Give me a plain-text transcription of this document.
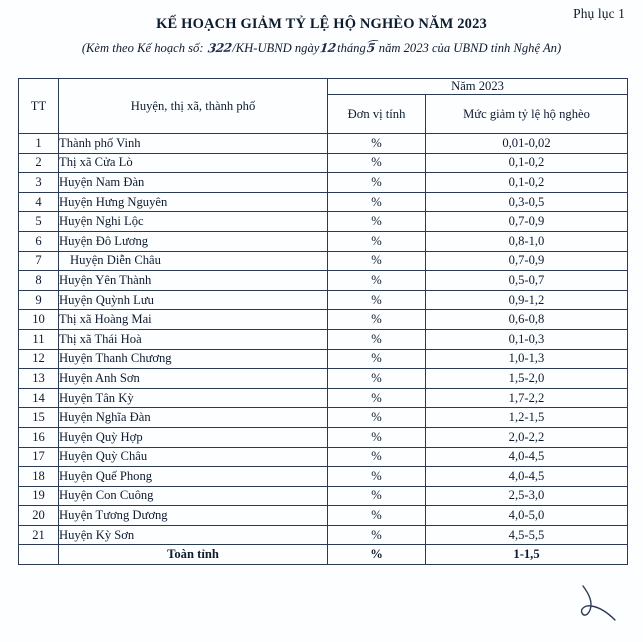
Phụ lục 1
KẾ HOẠCH GIẢM TỶ LỆ HỘ NGHÈO NĂM 2023
(Kèm theo Kế hoạch số: 322/KH-UBND ngày12tháng5 năm 2023 của UBND tỉnh Nghệ An)
TT	Huyện, thị xã, thành phố	Năm 2023	
		Đơn vị tính	Mức giảm tỷ lệ hộ nghèo
1	Thành phố Vinh	%	0,01-0,02
2	Thị xã Cửa Lò	%	0,1-0,2
3	Huyện Nam Đàn	%	0,1-0,2
4	Huyện Hưng Nguyên	%	0,3-0,5
5	Huyện Nghi Lộc	%	0,7-0,9
6	Huyện Đô Lương	%	0,8-1,0
7	Huyện Diễn Châu	%	0,7-0,9
8	Huyện Yên Thành	%	0,5-0,7
9	Huyện Quỳnh Lưu	%	0,9-1,2
10	Thị xã Hoàng Mai	%	0,6-0,8
11	Thị xã Thái Hoà	%	0,1-0,3
12	Huyện Thanh Chương	%	1,0-1,3
13	Huyện Anh Sơn	%	1,5-2,0
14	Huyện Tân Kỳ	%	1,7-2,2
15	Huyện Nghĩa Đàn	%	1,2-1,5
16	Huyện Quỳ Hợp	%	2,0-2,2
17	Huyện Quỳ Châu	%	4,0-4,5
18	Huyện Quế Phong	%	4,0-4,5
19	Huyện Con Cuông	%	2,5-3,0
20	Huyện Tương Dương	%	4,0-5,0
21	Huyện Kỳ Sơn	%	4,5-5,5
	Toàn tỉnh	%	1-1,5
